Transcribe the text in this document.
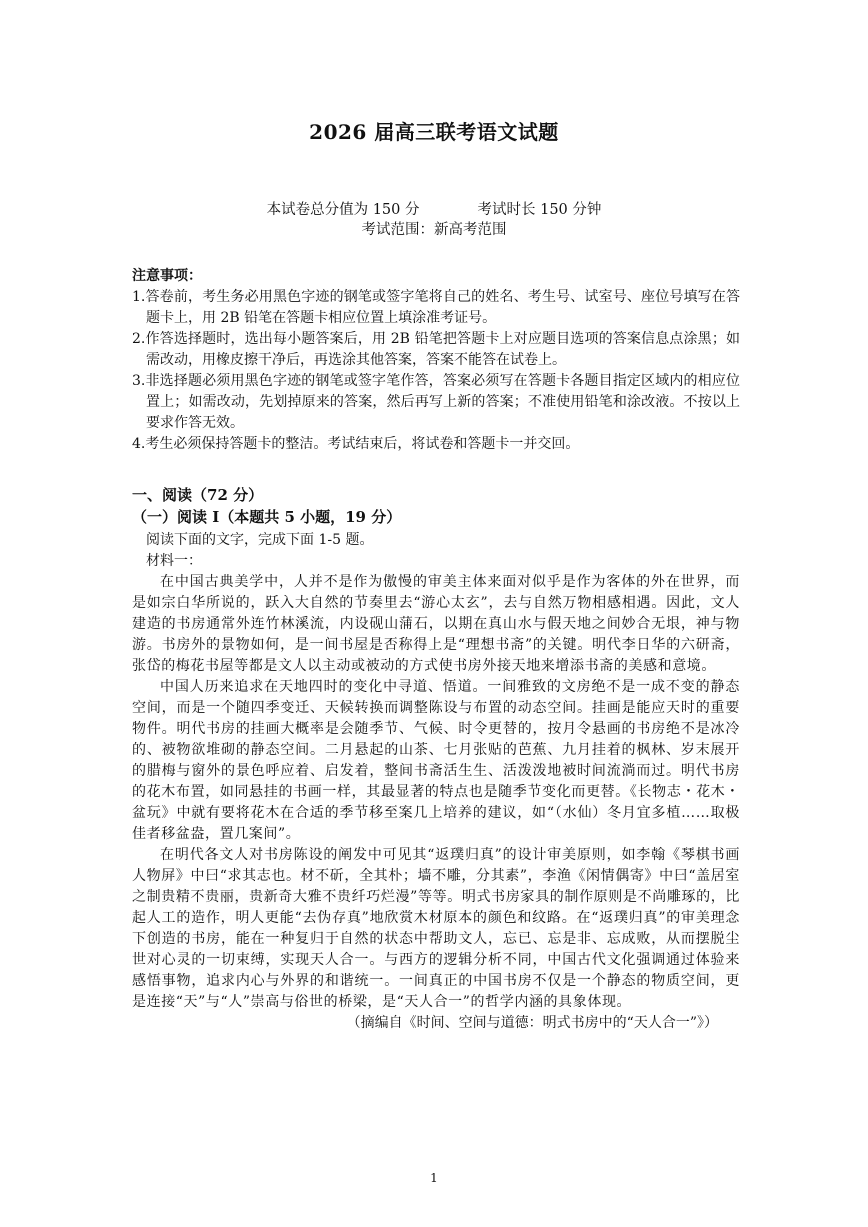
2026 届高三联考语文试题
本试卷总分值为 150 分	考试时长 150 分钟
考试范围：新高考范围
注意事项：
1.答卷前，考生务必用黑色字迹的钢笔或签字笔将自己的姓名、考生号、试室号、座位号填写在答题卡上，用 2B 铅笔在答题卡相应位置上填涂准考证号。
2.作答选择题时，选出每小题答案后，用 2B 铅笔把答题卡上对应题目选项的答案信息点涂黑；如需改动，用橡皮擦干净后，再选涂其他答案，答案不能答在试卷上。
3.非选择题必须用黑色字迹的钢笔或签字笔作答，答案必须写在答题卡各题目指定区域内的相应位置上；如需改动，先划掉原来的答案，然后再写上新的答案；不准使用铅笔和涂改液。不按以上要求作答无效。
4.考生必须保持答题卡的整洁。考试结束后，将试卷和答题卡一并交回。
一、阅读（72 分）
（一）阅读 I（本题共 5 小题，19 分）
阅读下面的文字，完成下面 1-5 题。
材料一：
在中国古典美学中，人并不是作为傲慢的审美主体来面对似乎是作为客体的外在世界，而是如宗白华所说的，跃入大自然的节奏里去“游心太玄”，去与自然万物相感相遇。因此，文人建造的书房通常外连竹林溪流，内设砚山蒲石，以期在真山水与假天地之间妙合无垠，神与物游。书房外的景物如何，是一间书屋是否称得上是“理想书斋”的关键。明代李日华的六研斋，张岱的梅花书屋等都是文人以主动或被动的方式使书房外接天地来增添书斋的美感和意境。
中国人历来追求在天地四时的变化中寻道、悟道。一间雅致的文房绝不是一成不变的静态空间，而是一个随四季变迁、天候转换而调整陈设与布置的动态空间。挂画是能应天时的重要物件。明代书房的挂画大概率是会随季节、气候、时令更替的，按月令悬画的书房绝不是冰冷的、被物欲堆砌的静态空间。二月悬起的山茶、七月张贴的芭蕉、九月挂着的枫林、岁末展开的腊梅与窗外的景色呼应着、启发着，整间书斋活生生、活泼泼地被时间流淌而过。明代书房的花木布置，如同悬挂的书画一样，其最显著的特点也是随季节变化而更替。《长物志・花木・盆玩》中就有要将花木在合适的季节移至案几上培养的建议，如“（水仙）冬月宜多植……取极佳者移盆盎，置几案间”。
在明代各文人对书房陈设的阐发中可见其“返璞归真”的设计审美原则，如李翰《琴棋书画人物屏》中曰“求其志也。材不斫，全其朴；墙不雕，分其素”，李渔《闲情偶寄》中曰“盖居室之制贵精不贵丽，贵新奇大雅不贵纤巧烂漫”等等。明式书房家具的制作原则是不尚雕琢的，比起人工的造作，明人更能“去伪存真”地欣赏木材原本的颜色和纹路。在“返璞归真”的审美理念下创造的书房，能在一种复归于自然的状态中帮助文人，忘已、忘是非、忘成败，从而摆脱尘世对心灵的一切束缚，实现天人合一。与西方的逻辑分析不同，中国古代文化强调通过体验来感悟事物，追求内心与外界的和谐统一。一间真正的中国书房不仅是一个静态的物质空间，更是连接“天”与“人”崇高与俗世的桥梁，是“天人合一”的哲学内涵的具象体现。
（摘编自《时间、空间与道德：明式书房中的“天人合一”》）
1
